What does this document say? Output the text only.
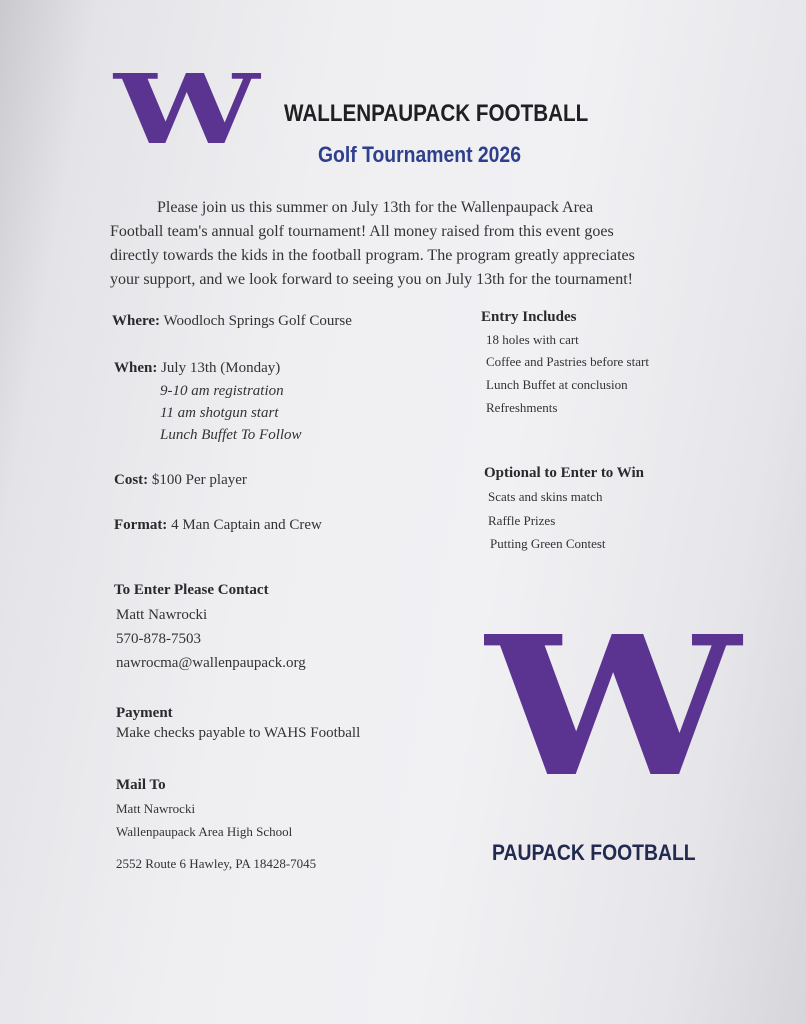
W WALLENPAUPACK FOOTBALL
Golf Tournament 2026
Please join us this summer on July 13th for the Wallenpaupack Area
Football team's annual golf tournament! All money raised from this event goes
directly towards the kids in the football program. The program greatly appreciates
your support, and we look forward to seeing you on July 13th for the tournament!
Where: Woodloch Springs Golf Course
When: July 13th (Monday)
9-10 am registration
11 am shotgun start
Lunch Buffet To Follow
Cost: $100 Per player
Format: 4 Man Captain and Crew
To Enter Please Contact
Matt Nawrocki
570-878-7503
nawrocma@wallenpaupack.org
Payment
Make checks payable to WAHS Football
Mail To
Matt Nawrocki
Wallenpaupack Area High School
2552 Route 6 Hawley, PA 18428-7045
Entry Includes
18 holes with cart
Coffee and Pastries before start
Lunch Buffet at conclusion
Refreshments
Optional to Enter to Win
Scats and skins match
Raffle Prizes
Putting Green Contest
W
PAUPACK FOOTBALL
